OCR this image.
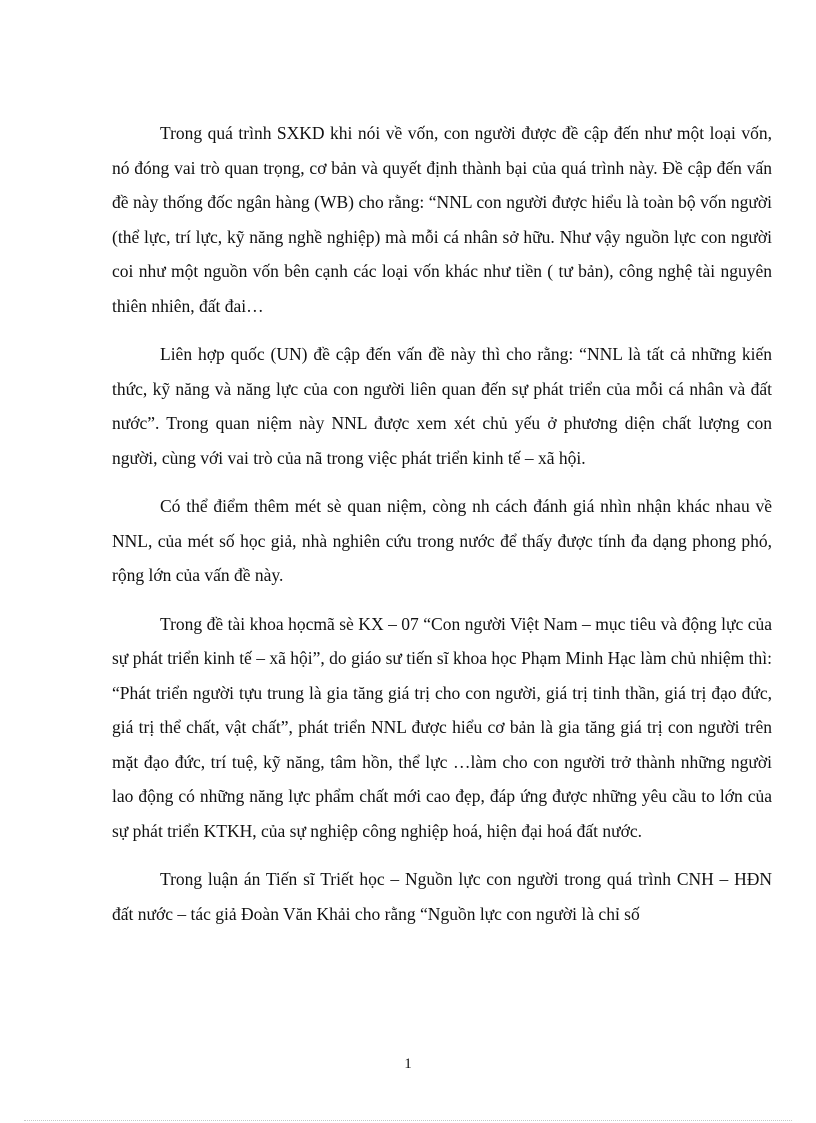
Trong quá trình SXKD khi nói về vốn, con người được đề cập đến như một loại vốn, nó đóng vai trò quan trọng, cơ bản và quyết định thành bại của quá trình này. Đề cập đến vấn đề này thống đốc ngân hàng (WB) cho rằng: “NNL con người được hiểu là toàn bộ vốn người (thể lực, trí lực, kỹ năng nghề nghiệp) mà mỗi cá nhân sở hữu. Như vậy nguồn lực con người coi như một nguồn vốn bên cạnh các loại vốn khác như tiền ( tư bản), công nghệ tài nguyên thiên nhiên, đất đai…

Liên hợp quốc (UN) đề cập đến vấn đề này thì cho rằng: “NNL là tất cả những kiến thức, kỹ năng và năng lực của con người liên quan đến sự phát triển của mỗi cá nhân và đất nước”. Trong quan niệm này NNL được xem xét chủ yếu ở phương diện chất lượng con người, cùng với vai trò của nã trong việc phát triển kinh tế – xã hội.

Có thể điểm thêm mét sè quan niệm, còng nh cách đánh giá nhìn nhận khác nhau về NNL, của mét số học giả, nhà nghiên cứu trong nước để thấy được tính đa dạng phong phó, rộng lớn của vấn đề này.

Trong đề tài khoa họcmã sè KX – 07 “Con người Việt Nam – mục tiêu và động lực của sự phát triển kinh tế – xã hội”, do giáo sư tiến sĩ khoa học Phạm Minh Hạc làm chủ nhiệm thì: “Phát triển người tựu trung là gia tăng giá trị cho con người, giá trị tinh thần, giá trị đạo đức, giá trị thể chất, vật chất”, phát triển NNL được hiểu cơ bản là gia tăng giá trị con người trên mặt đạo đức, trí tuệ, kỹ năng, tâm hồn, thể lực …làm cho con người trở thành những người lao động có những năng lực phẩm chất mới cao đẹp, đáp ứng được những yêu cầu to lớn của sự phát triển KTKH, của sự nghiệp công nghiệp hoá, hiện đại hoá đất nước.

Trong luận án Tiến sĩ Triết học – Nguồn lực con người trong quá trình CNH – HĐN đất nước – tác giả Đoàn Văn Khải cho rằng “Nguồn lực con người là chỉ số

1
